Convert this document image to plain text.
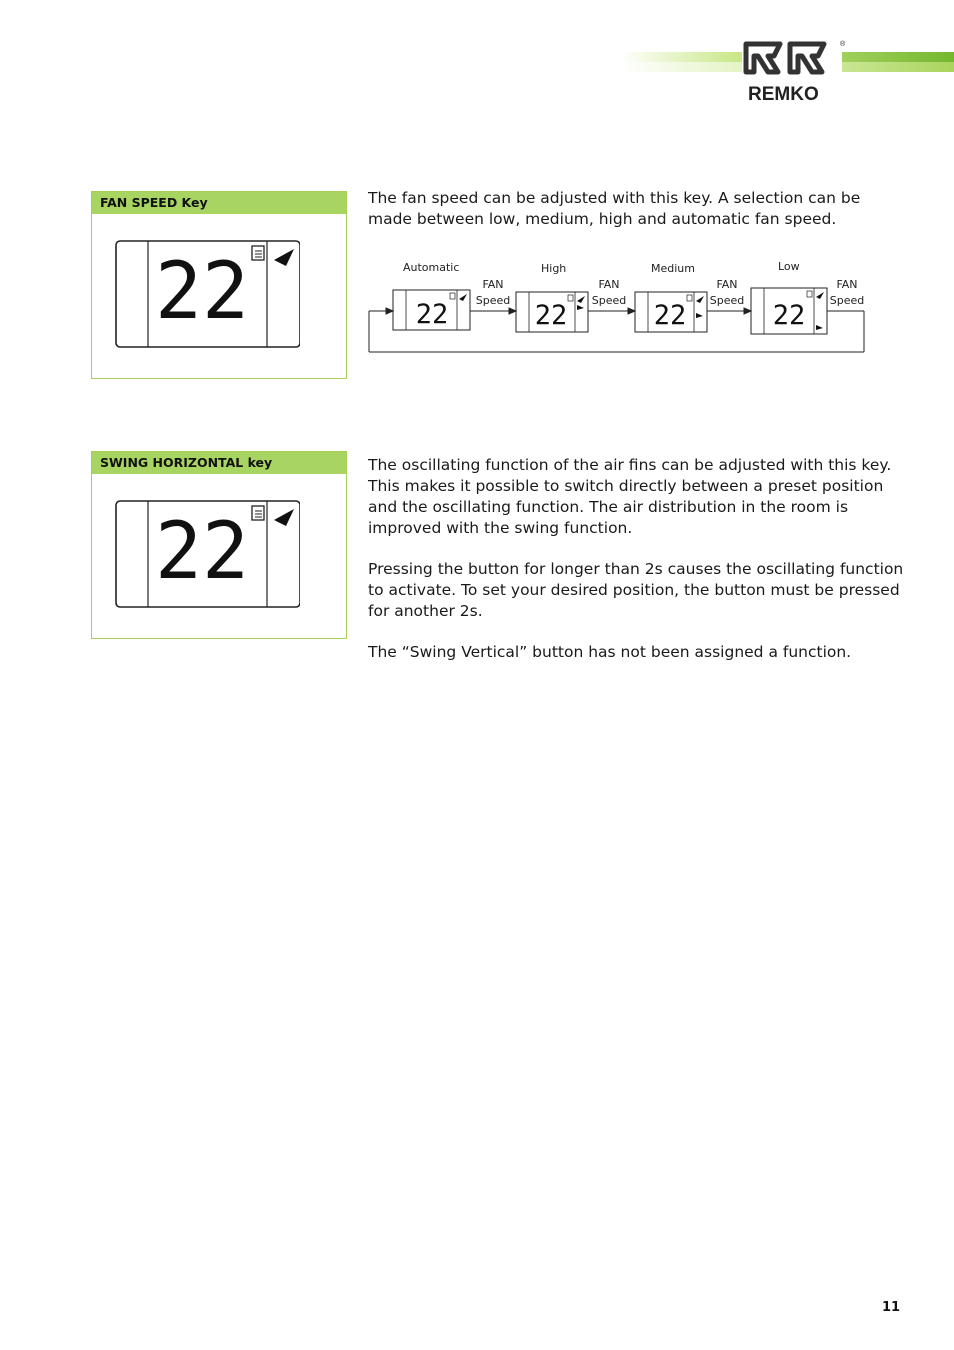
REMKO
®
FAN SPEED Key
22

The fan speed can be adjusted with this key. A selection can be made between low, medium, high and automatic fan speed.

22	22	22	22
Automatic	High	Medium	Low
FAN
Speed
FAN
Speed
FAN
Speed
FAN
Speed
SWING HORIZONTAL key
22

The oscillating function of the air fins can be adjusted with this key. This makes it possible to switch directly between a preset position and the oscillating function. The air distribution in the room is improved with the swing function.

Pressing the button for longer than 2s causes the oscillating function to activate. To set your desired position, the button must be pressed for another 2s.

The “Swing Vertical” button has not been assigned a function.

11
